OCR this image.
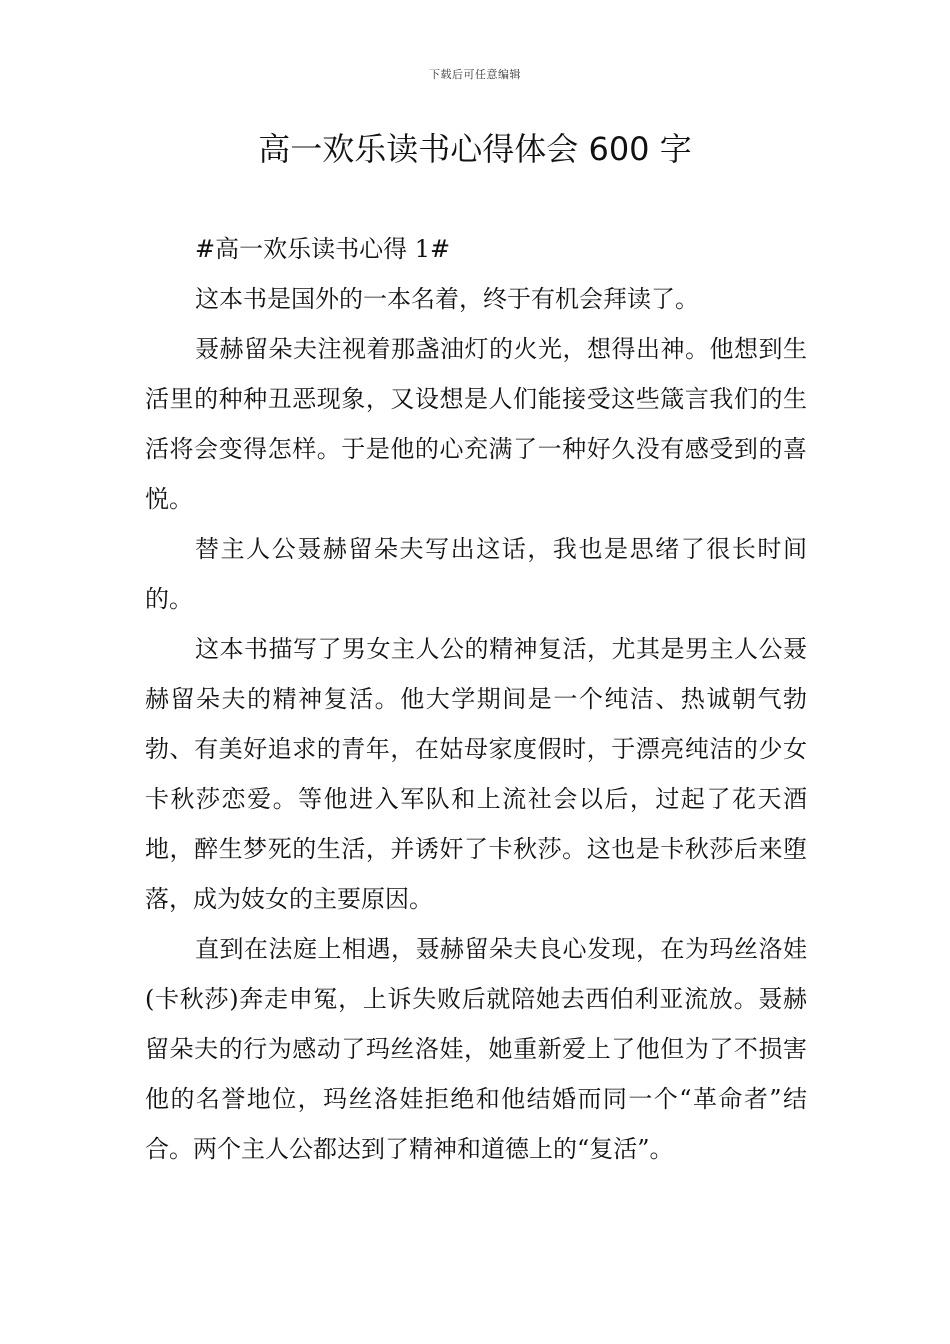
下载后可任意编辑
高一欢乐读书心得体会 600 字

#高一欢乐读书心得 1#

这本书是国外的一本名着，终于有机会拜读了。

聂赫留朵夫注视着那盏油灯的火光，想得出神。他想到生活里的种种丑恶现象，又设想是人们能接受这些箴言我们的生活将会变得怎样。于是他的心充满了一种好久没有感受到的喜悦。

替主人公聂赫留朵夫写出这话，我也是思绪了很长时间的。

这本书描写了男女主人公的精神复活，尤其是男主人公聂赫留朵夫的精神复活。他大学期间是一个纯洁、热诚朝气勃勃、有美好追求的青年，在姑母家度假时，于漂亮纯洁的少女卡秋莎恋爱。等他进入军队和上流社会以后，过起了花天酒地，醉生梦死的生活，并诱奸了卡秋莎。这也是卡秋莎后来堕落，成为妓女的主要原因。

直到在法庭上相遇，聂赫留朵夫良心发现，在为玛丝洛娃(卡秋莎)奔走申冤，上诉失败后就陪她去西伯利亚流放。聂赫留朵夫的行为感动了玛丝洛娃，她重新爱上了他但为了不损害他的名誉地位，玛丝洛娃拒绝和他结婚而同一个“革命者”结合。两个主人公都达到了精神和道德上的“复活”。
